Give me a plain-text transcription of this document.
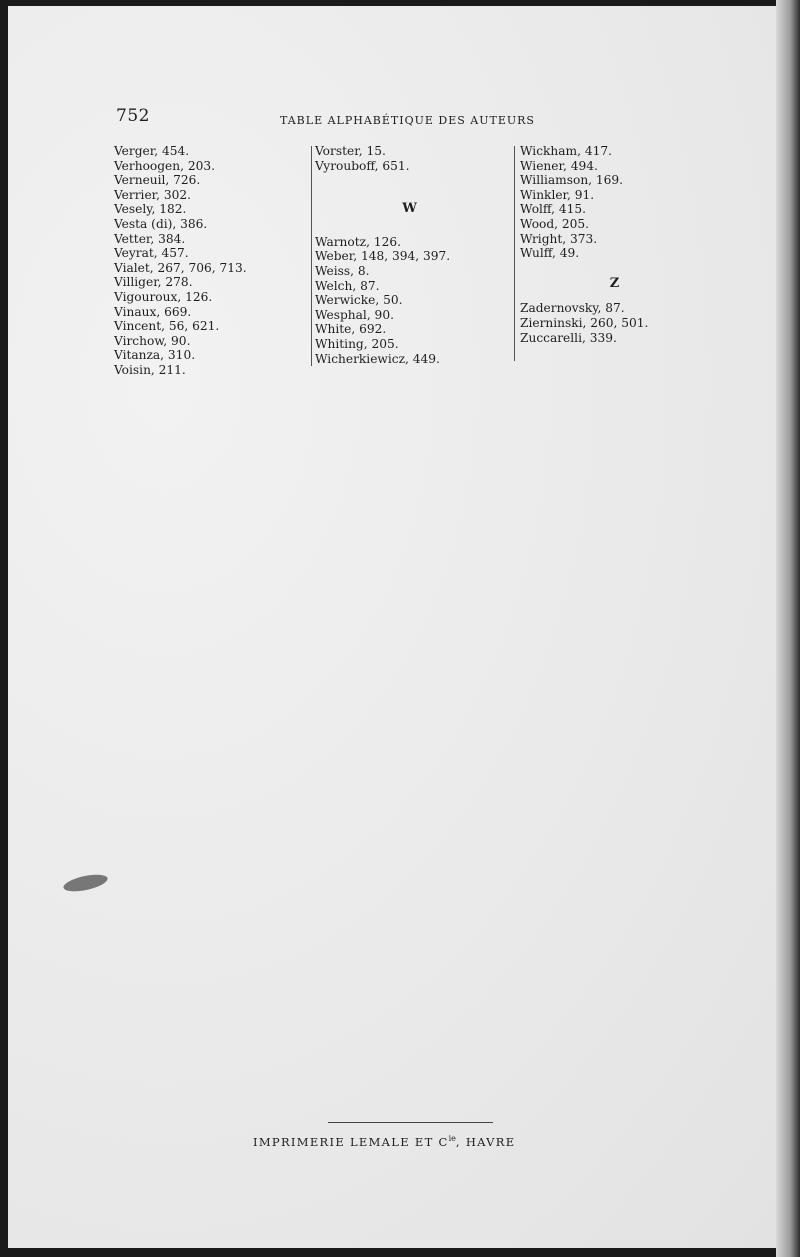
752	TABLE ALPHABÉTIQUE DES AUTEURS
Verger, 454.
Verhoogen, 203.
Verneuil, 726.
Verrier, 302.
Vesely, 182.
Vesta (di), 386.
Vetter, 384.
Veyrat, 457.
Vialet, 267, 706, 713.
Villiger, 278.
Vigouroux, 126.
Vinaux, 669.
Vincent, 56, 621.
Virchow, 90.
Vitanza, 310.
Voisin, 211.
Vorster, 15.
Vyrouboff, 651.
W
Warnotz, 126.
Weber, 148, 394, 397.
Weiss, 8.
Welch, 87.
Werwicke, 50.
Wesphal, 90.
White, 692.
Whiting, 205.
Wicherkiewicz, 449.
Wickham, 417.
Wiener, 494.
Williamson, 169.
Winkler, 91.
Wolff, 415.
Wood, 205.
Wright, 373.
Wulff, 49.
Z
Zadernovsky, 87.
Zierninski, 260, 501.
Zuccarelli, 339.
IMPRIMERIE LEMALE ET $C^{ie}$, HAVRE
